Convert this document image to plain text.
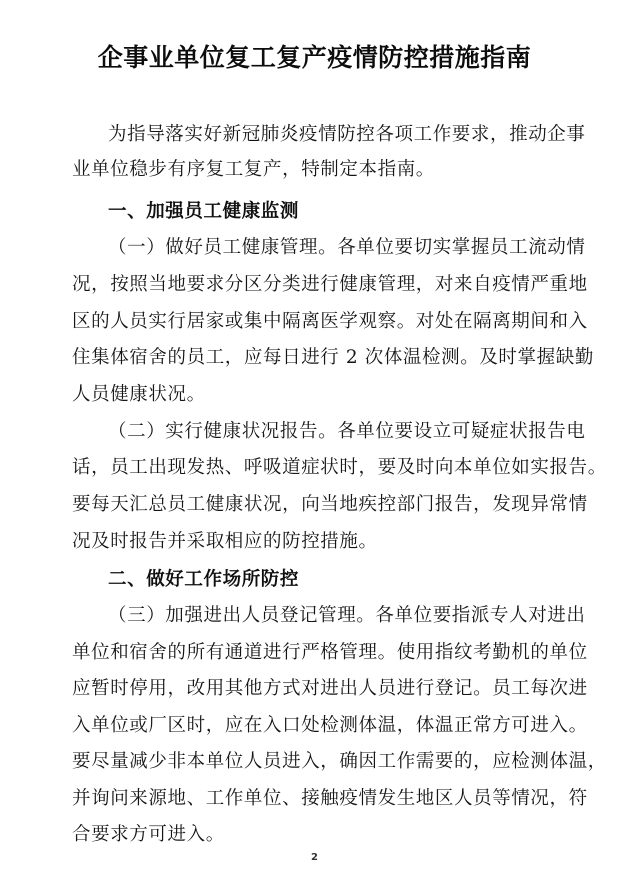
企事业单位复工复产疫情防控措施指南
为指导落实好新冠肺炎疫情防控各项工作要求，推动企事
业单位稳步有序复工复产，特制定本指南。
一、加强员工健康监测
（一）做好员工健康管理。各单位要切实掌握员工流动情
况，按照当地要求分区分类进行健康管理，对来自疫情严重地
区的人员实行居家或集中隔离医学观察。对处在隔离期间和入
住集体宿舍的员工，应每日进行 2 次体温检测。及时掌握缺勤
人员健康状况。
（二）实行健康状况报告。各单位要设立可疑症状报告电
话，员工出现发热、呼吸道症状时，要及时向本单位如实报告。
要每天汇总员工健康状况，向当地疾控部门报告，发现异常情
况及时报告并采取相应的防控措施。
二、做好工作场所防控
（三）加强进出人员登记管理。各单位要指派专人对进出
单位和宿舍的所有通道进行严格管理。使用指纹考勤机的单位
应暂时停用，改用其他方式对进出人员进行登记。员工每次进
入单位或厂区时，应在入口处检测体温，体温正常方可进入。
要尽量减少非本单位人员进入，确因工作需要的，应检测体温，
并询问来源地、工作单位、接触疫情发生地区人员等情况，符
合要求方可进入。
2
